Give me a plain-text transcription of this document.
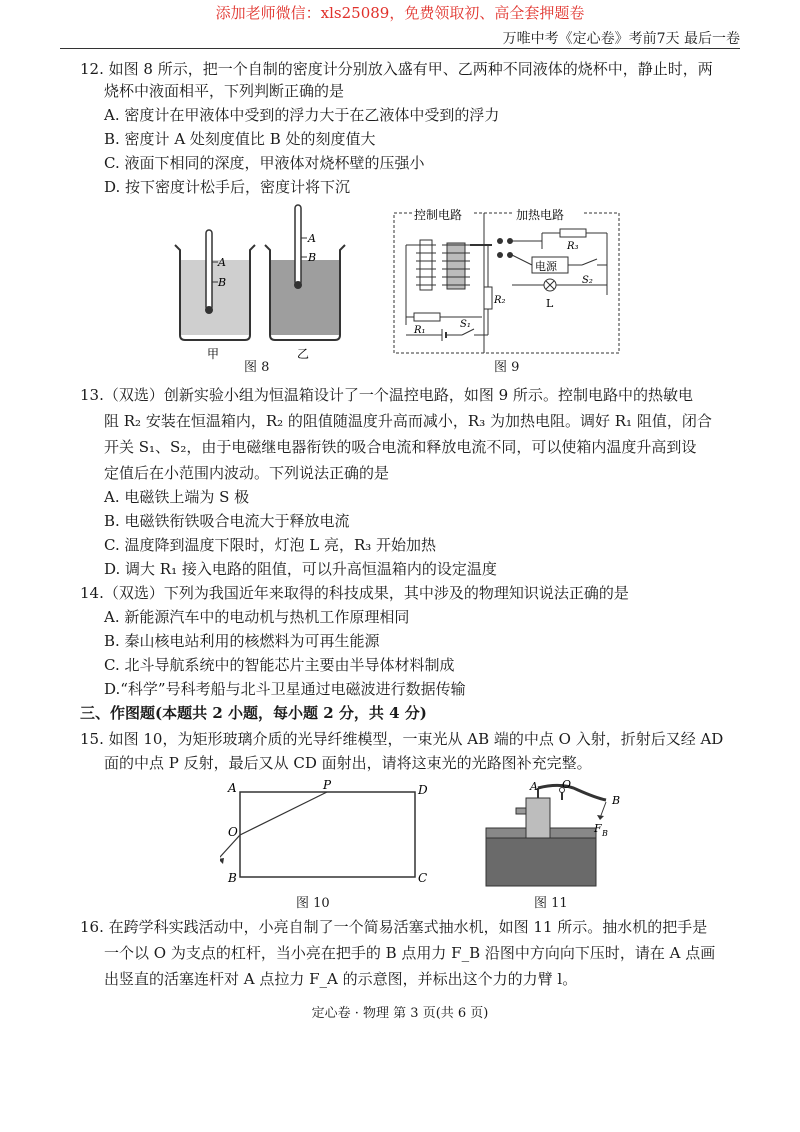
添加老师微信：xls25089，免费领取初、高全套押题卷
万唯中考《定心卷》考前7天 最后一卷
12. 如图 8 所示，把一个自制的密度计分别放入盛有甲、乙两种不同液体的烧杯中，静止时，两
烧杯中液面相平，下列判断正确的是
A. 密度计在甲液体中受到的浮力大于在乙液体中受到的浮力
B. 密度计 A 处刻度值比 B 处的刻度值大
C. 液面下相同的深度，甲液体对烧杯壁的压强小
D. 按下密度计松手后，密度计将下沉
A
B
A
B
甲	乙
图 8
控制电路	加热电路
R₃
电源
S₂
L
R₂
R₁
S₁
图 9
13.（双选）创新实验小组为恒温箱设计了一个温控电路，如图 9 所示。控制电路中的热敏电
阻 R₂ 安装在恒温箱内，R₂ 的阻值随温度升高而减小，R₃ 为加热电阻。调好 R₁ 阻值，闭合
开关 S₁、S₂，由于电磁继电器衔铁的吸合电流和释放电流不同，可以使箱内温度升高到设
定值后在小范围内波动。下列说法正确的是
A. 电磁铁上端为 S 极
B. 电磁铁衔铁吸合电流大于释放电流
C. 温度降到温度下限时，灯泡 L 亮，R₃ 开始加热
D. 调大 R₁ 接入电路的阻值，可以升高恒温箱内的设定温度
14.（双选）下列为我国近年来取得的科技成果，其中涉及的物理知识说法正确的是
A. 新能源汽车中的电动机与热机工作原理相同
B. 秦山核电站利用的核燃料为可再生能源
C. 北斗导航系统中的智能芯片主要由半导体材料制成
D.“科学”号科考船与北斗卫星通过电磁波进行数据传输
三、作图题(本题共 2 小题，每小题 2 分，共 4 分)
15. 如图 10，为矩形玻璃介质的光导纤维模型，一束光从 AB 端的中点 O 入射，折射后又经 AD
面的中点 P 反射，最后又从 CD 面射出，请将这束光的光路图补充完整。
A
B	C
D
O
P
图 10
A O
B
F B
图 11
16. 在跨学科实践活动中，小亮自制了一个简易活塞式抽水机，如图 11 所示。抽水机的把手是
一个以 O 为支点的杠杆，当小亮在把手的 B 点用力 F_B 沿图中方向向下压时，请在 A 点画
出竖直的活塞连杆对 A 点拉力 F_A 的示意图，并标出这个力的力臂 l。
定心卷 · 物理 第 3 页(共 6 页)
